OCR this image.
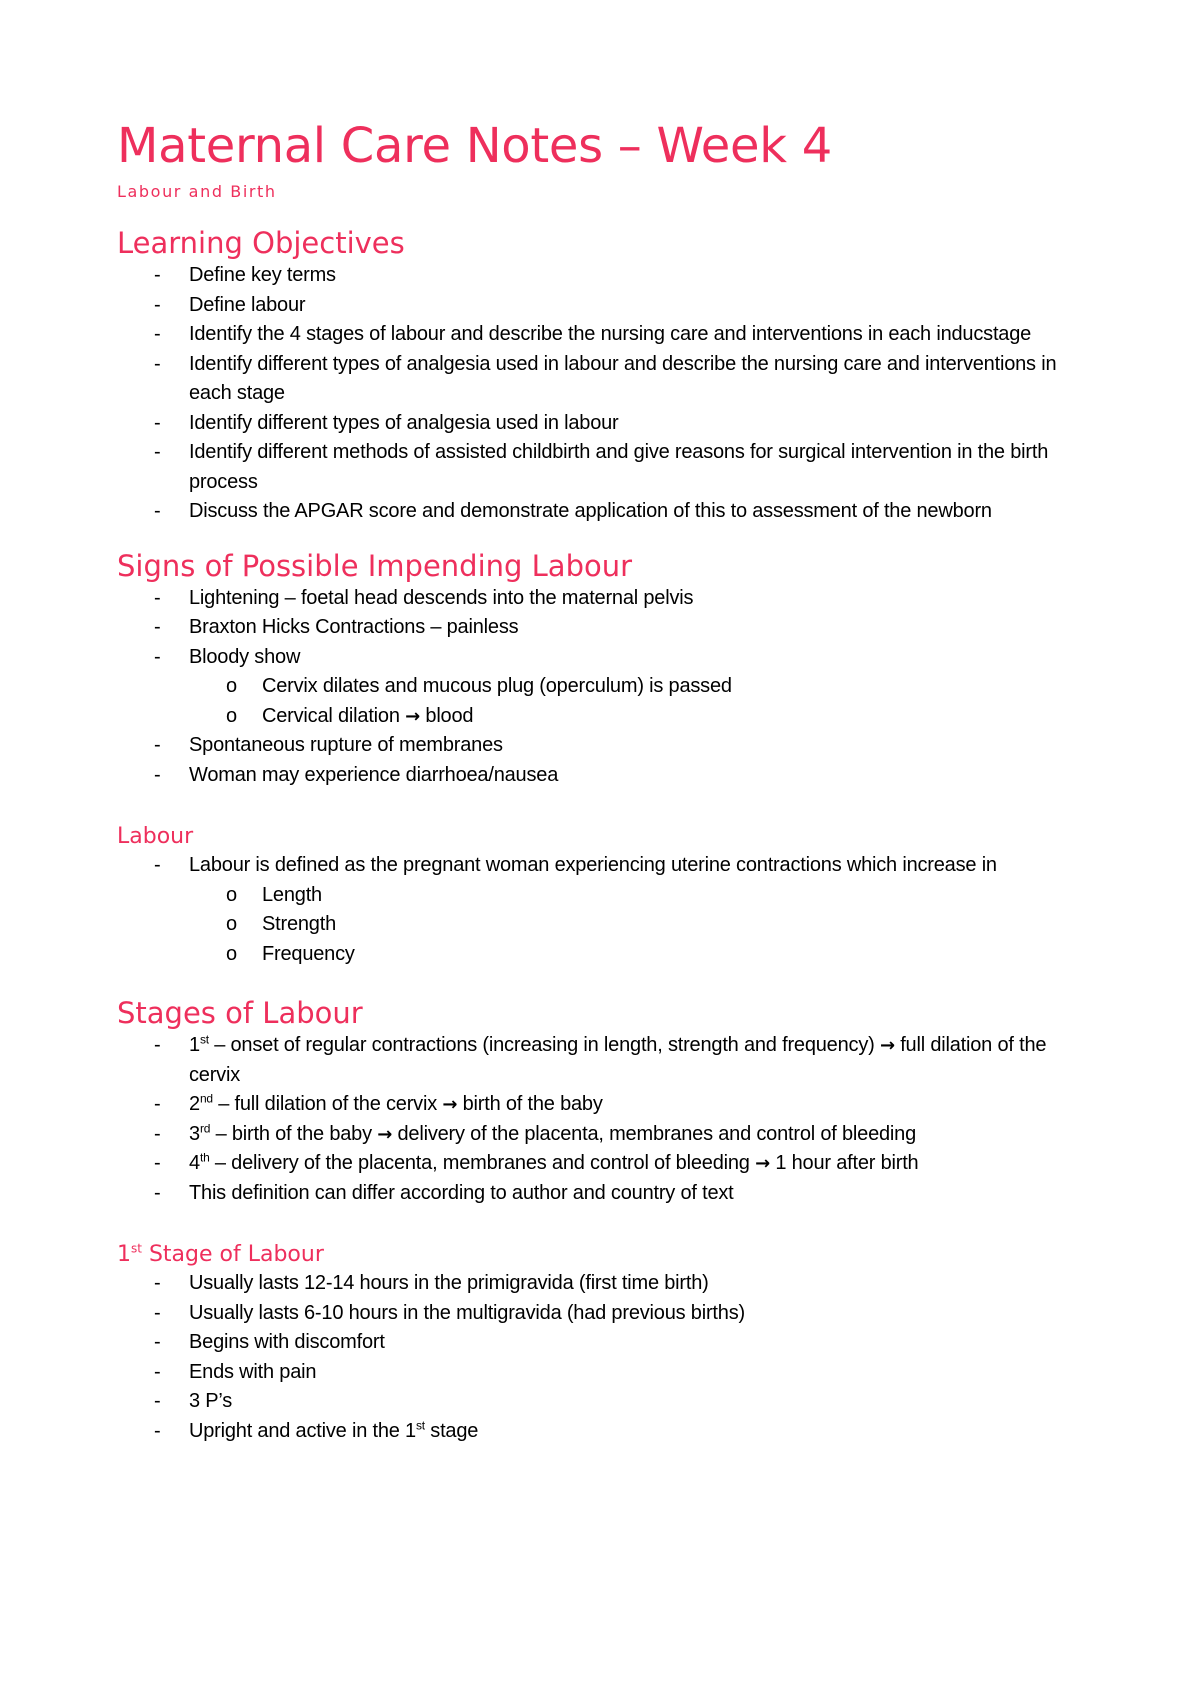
Maternal Care Notes – Week 4
Labour and Birth
Learning Objectives
- Define key terms
- Define labour
- Identify the 4 stages of labour and describe the nursing care and interventions in each inducstage
- Identify different types of analgesia used in labour and describe the nursing care and interventions in each stage
- Identify different types of analgesia used in labour
- Identify different methods of assisted childbirth and give reasons for surgical intervention in the birth process
- Discuss the APGAR score and demonstrate application of this to assessment of the newborn
Signs of Possible Impending Labour
- Lightening – foetal head descends into the maternal pelvis
- Braxton Hicks Contractions – painless
- Bloody show
o Cervix dilates and mucous plug (operculum) is passed
o Cervical dilation → blood
- Spontaneous rupture of membranes
- Woman may experience diarrhoea/nausea
Labour
- Labour is defined as the pregnant woman experiencing uterine contractions which increase in
o Length
o Strength
o Frequency
Stages of Labour
- 1st – onset of regular contractions (increasing in length, strength and frequency) → full dilation of the cervix
- 2nd – full dilation of the cervix → birth of the baby
- 3rd – birth of the baby → delivery of the placenta, membranes and control of bleeding
- 4th – delivery of the placenta, membranes and control of bleeding → 1 hour after birth
- This definition can differ according to author and country of text
1st Stage of Labour
- Usually lasts 12-14 hours in the primigravida (first time birth)
- Usually lasts 6-10 hours in the multigravida (had previous births)
- Begins with discomfort
- Ends with pain
- 3 P’s
- Upright and active in the 1st stage
